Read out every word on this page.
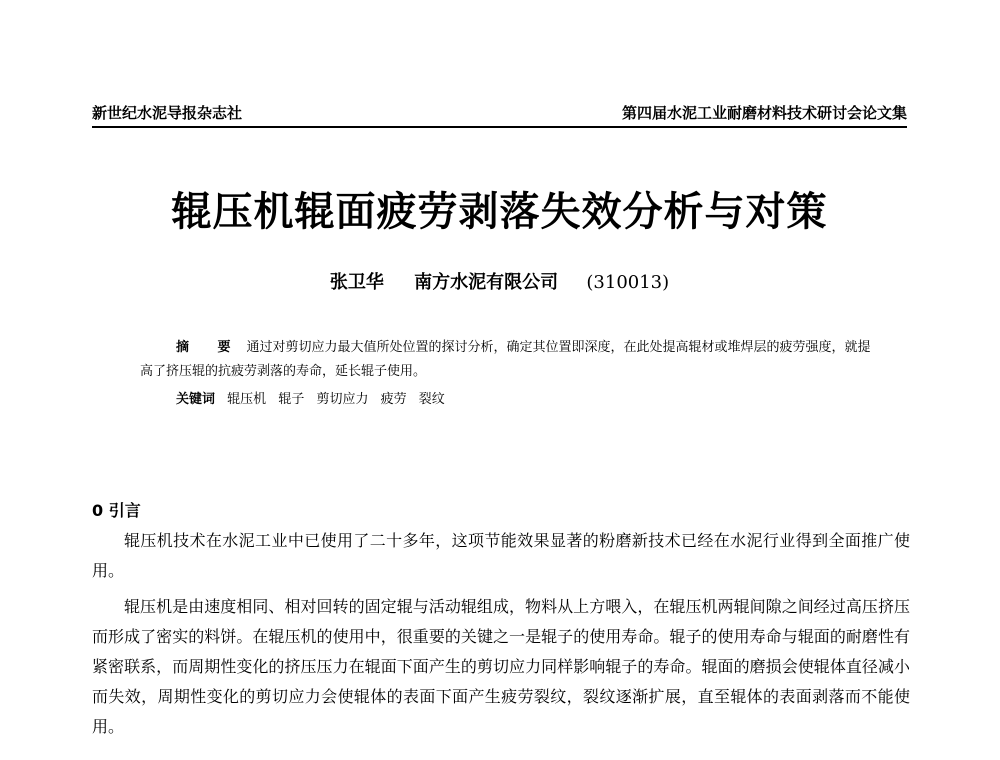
新世纪水泥导报杂志社	第四届水泥工业耐磨材料技术研讨会论文集
辊压机辊面疲劳剥落失效分析与对策
张卫华 南方水泥有限公司 (310013)
摘 要 通过对剪切应力最大值所处位置的探讨分析，确定其位置即深度，在此处提高辊材或堆焊层的疲劳强度，就提高了挤压辊的抗疲劳剥落的寿命，延长辊子使用。
关键词 辊压机 辊子 剪切应力 疲劳 裂纹
0 引言

辊压机技术在水泥工业中已使用了二十多年，这项节能效果显著的粉磨新技术已经在水泥行业得到全面推广使用。

辊压机是由速度相同、相对回转的固定辊与活动辊组成，物料从上方喂入，在辊压机两辊间隙之间经过高压挤压而形成了密实的料饼。在辊压机的使用中，很重要的关键之一是辊子的使用寿命。辊子的使用寿命与辊面的耐磨性有紧密联系，而周期性变化的挤压压力在辊面下面产生的剪切应力同样影响辊子的寿命。辊面的磨损会使辊体直径减小而失效，周期性变化的剪切应力会使辊体的表面下面产生疲劳裂纹，裂纹逐渐扩展，直至辊体的表面剥落而不能使用。
